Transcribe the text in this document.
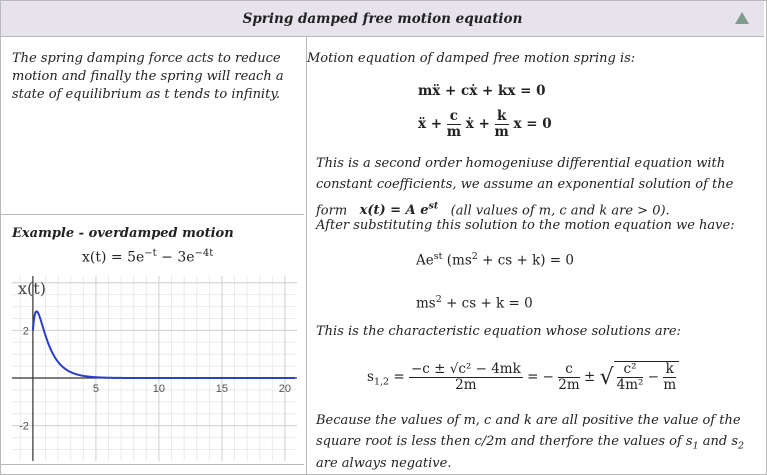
Spring damped free motion equation
The spring damping force acts to reduce motion and finally the spring will reach a state of equilibrium as t tends to infinity.
Example - overdamped motion
$x(t) = 5e^{-t} - 3e^{-4t}$
5	10	15	20
2
-2
x(t)
Motion equation of damped free motion spring is:
mẍ + cẋ + kx = 0
ẍ + $\frac{c}{m}$ ẋ + $\frac{k}{m}$ x = 0
This is a second order homogeniuse differential equation with
constant coefficients, we assume an exponential solution of the
form x(t) = A $e^{st}$ (all values of m, c and k are > 0).
After substituting this solution to the motion equation we have:
$Ae^{st}$ ($ms^2$ + cs + k) = 0
$ms^2$ + cs + k = 0
This is the characteristic equation whose solutions are:
$s_{1,2} = \frac{\text{−c ± √c² − 4mk}}{2m}$ = − $\frac{c}{2m}$ ± √ $\frac{\text{c²}}{\text{4m²}} - \frac{k}{m}$
Because the values of m, c and k are all positive the value of the
square root is less then c/2m and therfore the values of $s_1$ and $s_2$
are always negative.
